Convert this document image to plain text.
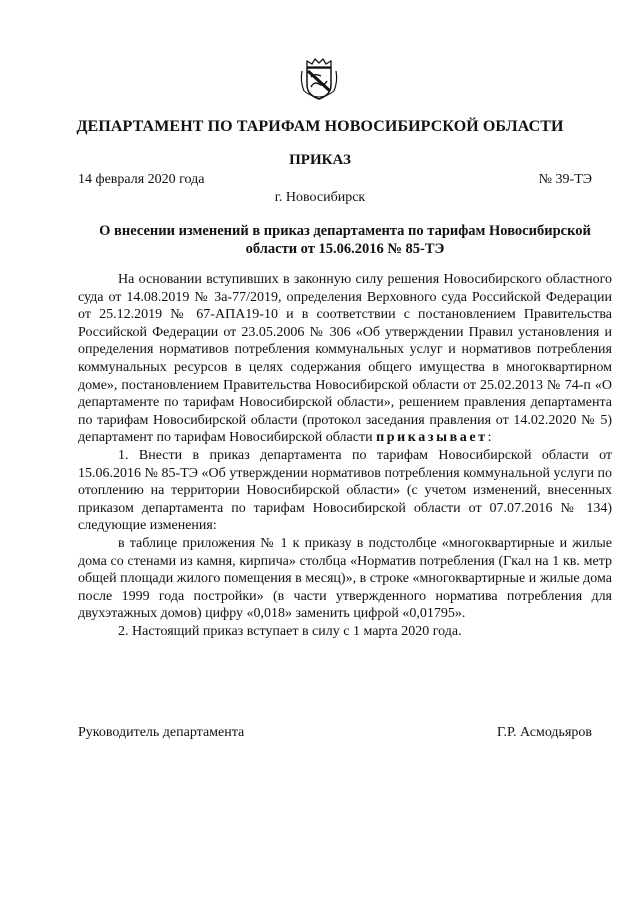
ДЕПАРТАМЕНТ ПО ТАРИФАМ НОВОСИБИРСКОЙ ОБЛАСТИ
ПРИКАЗ
14 февраля 2020 года	№ 39-ТЭ
г. Новосибирск
О внесении изменений в приказ департамента по тарифам Новосибирской
области от 15.06.2016 № 85-ТЭ

На основании вступивших в законную силу решения Новосибирского областного суда от 14.08.2019 № 3а-77/2019, определения Верховного суда Российской Федерации от 25.12.2019 № 67-АПА19-10 и в соответствии с постановлением Правительства Российской Федерации от 23.05.2006 № 306 «Об утверждении Правил установления и определения нормативов потребления коммунальных услуг и нормативов потребления коммунальных ресурсов в целях содержания общего имущества в многоквартирном доме», постановлением Правительства Новосибирской области от 25.02.2013 № 74-п «О департаменте по тарифам Новосибирской области», решением правления департамента по тарифам Новосибирской области (протокол заседания правления от 14.02.2020 № 5) департамент по тарифам Новосибирской области приказывает:

1. Внести в приказ департамента по тарифам Новосибирской области от 15.06.2016 № 85-ТЭ «Об утверждении нормативов потребления коммунальной услуги по отоплению на территории Новосибирской области» (с учетом изменений, внесенных приказом департамента по тарифам Новосибирской области от 07.07.2016 № 134) следующие изменения:

в таблице приложения № 1 к приказу в подстолбце «многоквартирные и жилые дома со стенами из камня, кирпича» столбца «Норматив потребления (Гкал на 1 кв. метр общей площади жилого помещения в месяц)», в строке «многоквартирные и жилые дома после 1999 года постройки» (в части утвержденного норматива потребления для двухэтажных домов) цифру «0,018» заменить цифрой «0,01795».

2. Настоящий приказ вступает в силу с 1 марта 2020 года.

Руководитель департамента	Г.Р. Асмодьяров
